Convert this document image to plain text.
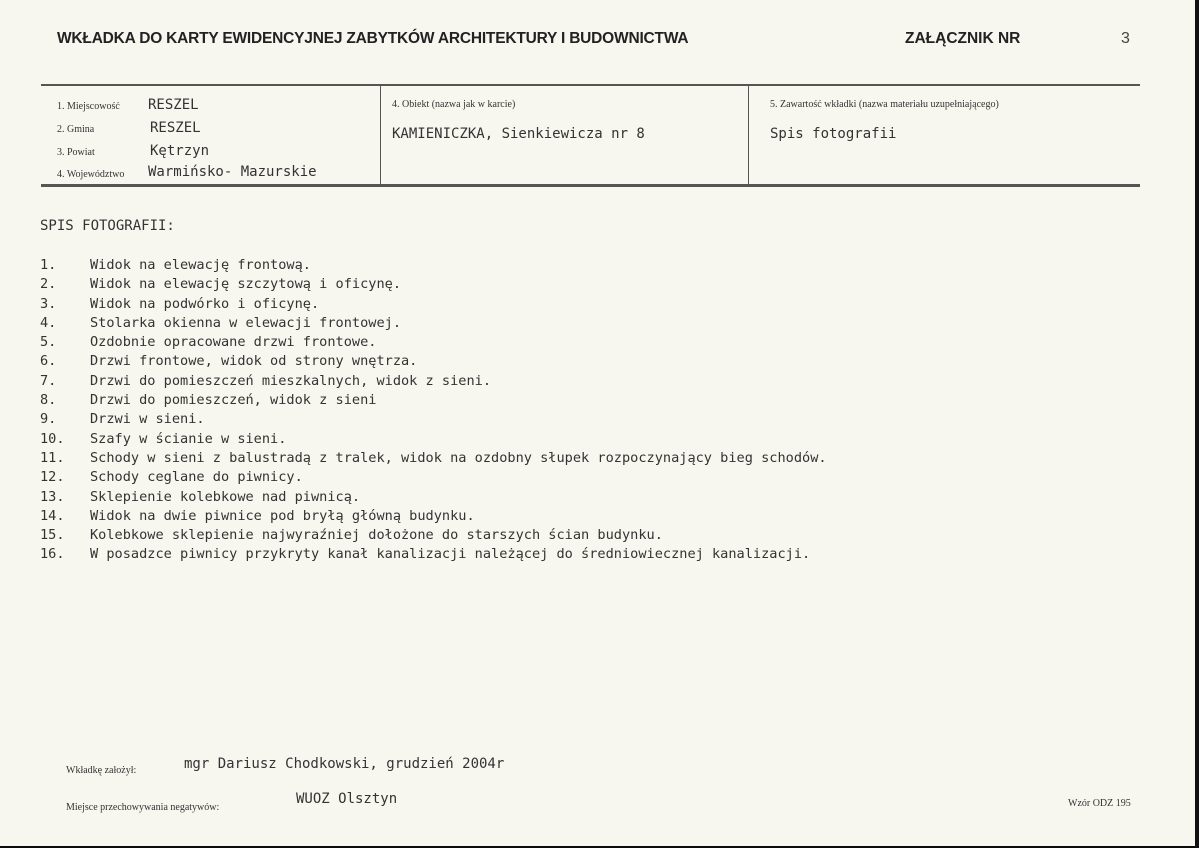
WKŁADKA DO KARTY EWIDENCYJNEJ ZABYTKÓW ARCHITEKTURY I BUDOWNICTWA	ZAŁĄCZNIK NR	3
1. Miejscowość RESZEL
2. Gmina	RESZEL
3. Powiat	Kętrzyn
4. Województwo Warmińsko- Mazurskie
4. Obiekt (nazwa jak w karcie)
KAMIENICZKA, Sienkiewicza nr 8
5. Zawartość wkładki (nazwa materiału uzupełniającego)
Spis fotografii
SPIS FOTOGRAFII:
1.	Widok na elewację frontową.
2.	Widok na elewację szczytową i oficynę.
3.	Widok na podwórko i oficynę.
4.	Stolarka okienna w elewacji frontowej.
5.	Ozdobnie opracowane drzwi frontowe.
6.	Drzwi frontowe, widok od strony wnętrza.
7.	Drzwi do pomieszczeń mieszkalnych, widok z sieni.
8.	Drzwi do pomieszczeń, widok z sieni
9.	Drzwi w sieni.
10.	Szafy w ścianie w sieni.
11.	Schody w sieni z balustradą z tralek, widok na ozdobny słupek rozpoczynający bieg schodów.
12.	Schody ceglane do piwnicy.
13.	Sklepienie kolebkowe nad piwnicą.
14.	Widok na dwie piwnice pod bryłą główną budynku.
15.	Kolebkowe sklepienie najwyraźniej dołożone do starszych ścian budynku.
16.	W posadzce piwnicy przykryty kanał kanalizacji należącej do średniowiecznej kanalizacji.
Wkładkę założył:	mgr Dariusz Chodkowski, grudzień 2004r
Miejsce przechowywania negatywów:
WUOZ Olsztyn	Wzór ODZ 195
